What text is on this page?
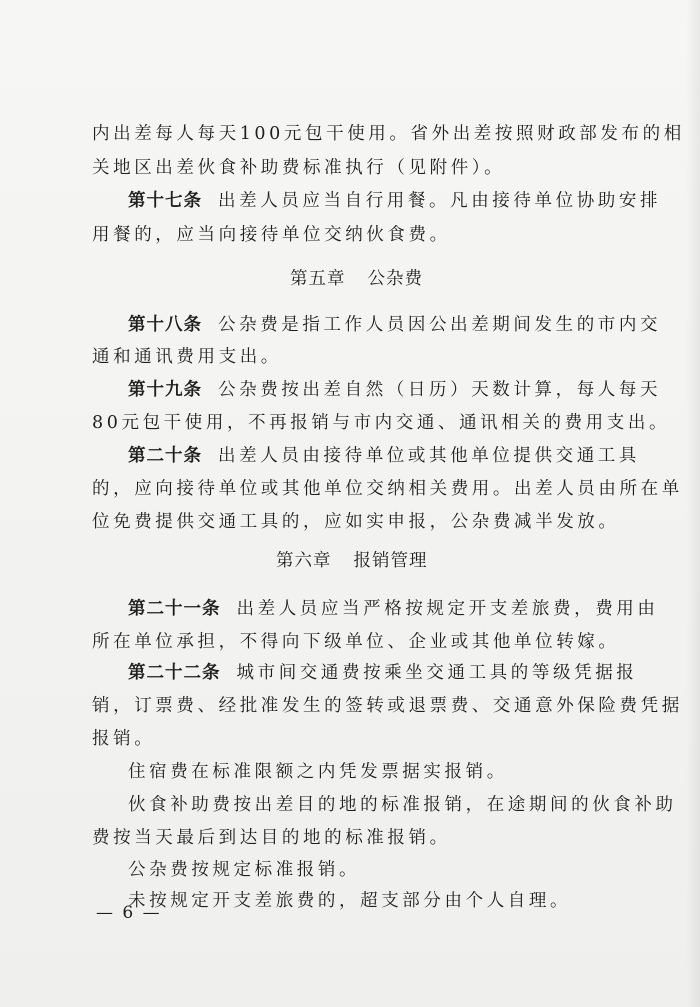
内出差每人每天100元包干使用。省外出差按照财政部发布的相
关地区出差伙食补助费标准执行（见附件）。
第十七条 出差人员应当自行用餐。凡由接待单位协助安排
用餐的，应当向接待单位交纳伙食费。
第五章 公杂费
第十八条 公杂费是指工作人员因公出差期间发生的市内交
通和通讯费用支出。
第十九条 公杂费按出差自然（日历）天数计算，每人每天
80元包干使用，不再报销与市内交通、通讯相关的费用支出。
第二十条 出差人员由接待单位或其他单位提供交通工具
的，应向接待单位或其他单位交纳相关费用。出差人员由所在单
位免费提供交通工具的，应如实申报，公杂费减半发放。
第六章 报销管理
第二十一条 出差人员应当严格按规定开支差旅费，费用由
所在单位承担，不得向下级单位、企业或其他单位转嫁。
第二十二条 城市间交通费按乘坐交通工具的等级凭据报
销，订票费、经批准发生的签转或退票费、交通意外保险费凭据
报销。
住宿费在标准限额之内凭发票据实报销。
伙食补助费按出差目的地的标准报销，在途期间的伙食补助
费按当天最后到达目的地的标准报销。
公杂费按规定标准报销。
未按规定开支差旅费的，超支部分由个人自理。
— 6 —
